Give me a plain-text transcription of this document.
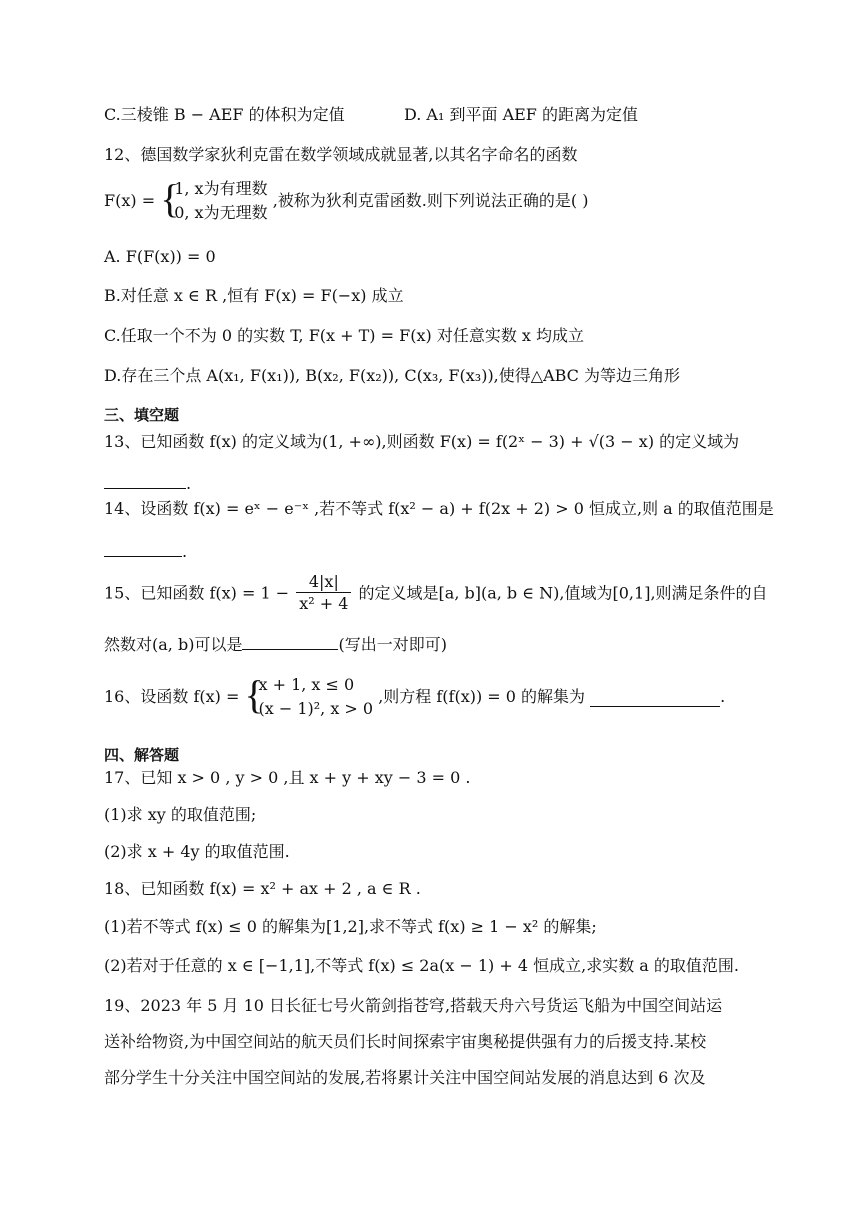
C.三棱锥 B − AEF 的体积为定值	D. A₁ 到平面 AEF 的距离为定值
12、德国数学家狄利克雷在数学领域成就显著,以其名字命名的函数
F(x) = {
1, x为有理数
0, x为无理数
,被称为狄利克雷函数.则下列说法正确的是( )
A. F(F(x)) = 0
B.对任意 x ∈ R ,恒有 F(x) = F(−x) 成立
C.任取一个不为 0 的实数 T, F(x + T) = F(x) 对任意实数 x 均成立
D.存在三个点 A(x₁, F(x₁)), B(x₂, F(x₂)), C(x₃, F(x₃)),使得△ABC 为等边三角形
三、填空题
13、已知函数 f(x) 的定义域为(1, +∞),则函数 F(x) = f(2ˣ − 3) + √(3 − x) 的定义域为
.
14、设函数 f(x) = eˣ − e⁻ˣ ,若不等式 f(x² − a) + f(2x + 2) > 0 恒成立,则 a 的取值范围是
.
15、已知函数 $f(x) = 1 - \frac{4|x|}{\text{x² + 4}}$ 的定义域是[a, b](a, b ∈ N),值域为[0,1],则满足条件的自
然数对(a, b)可以是	(写出一对即可)
16、设函数 f(x) = {
x + 1, x ≤ 0
(x − 1)², x > 0
,则方程 f(f(x)) = 0 的解集为	.
四、解答题
17、已知 x > 0 , y > 0 ,且 x + y + xy − 3 = 0 .
(1)求 xy 的取值范围;
(2)求 x + 4y 的取值范围.
18、已知函数 f(x) = x² + ax + 2 , a ∈ R .
(1)若不等式 f(x) ≤ 0 的解集为[1,2],求不等式 f(x) ≥ 1 − x² 的解集;
(2)若对于任意的 x ∈ [−1,1],不等式 f(x) ≤ 2a(x − 1) + 4 恒成立,求实数 a 的取值范围.
19、2023 年 5 月 10 日长征七号火箭剑指苍穹,搭载天舟六号货运飞船为中国空间站运
送补给物资,为中国空间站的航天员们长时间探索宇宙奥秘提供强有力的后援支持.某校
部分学生十分关注中国空间站的发展,若将累计关注中国空间站发展的消息达到 6 次及
